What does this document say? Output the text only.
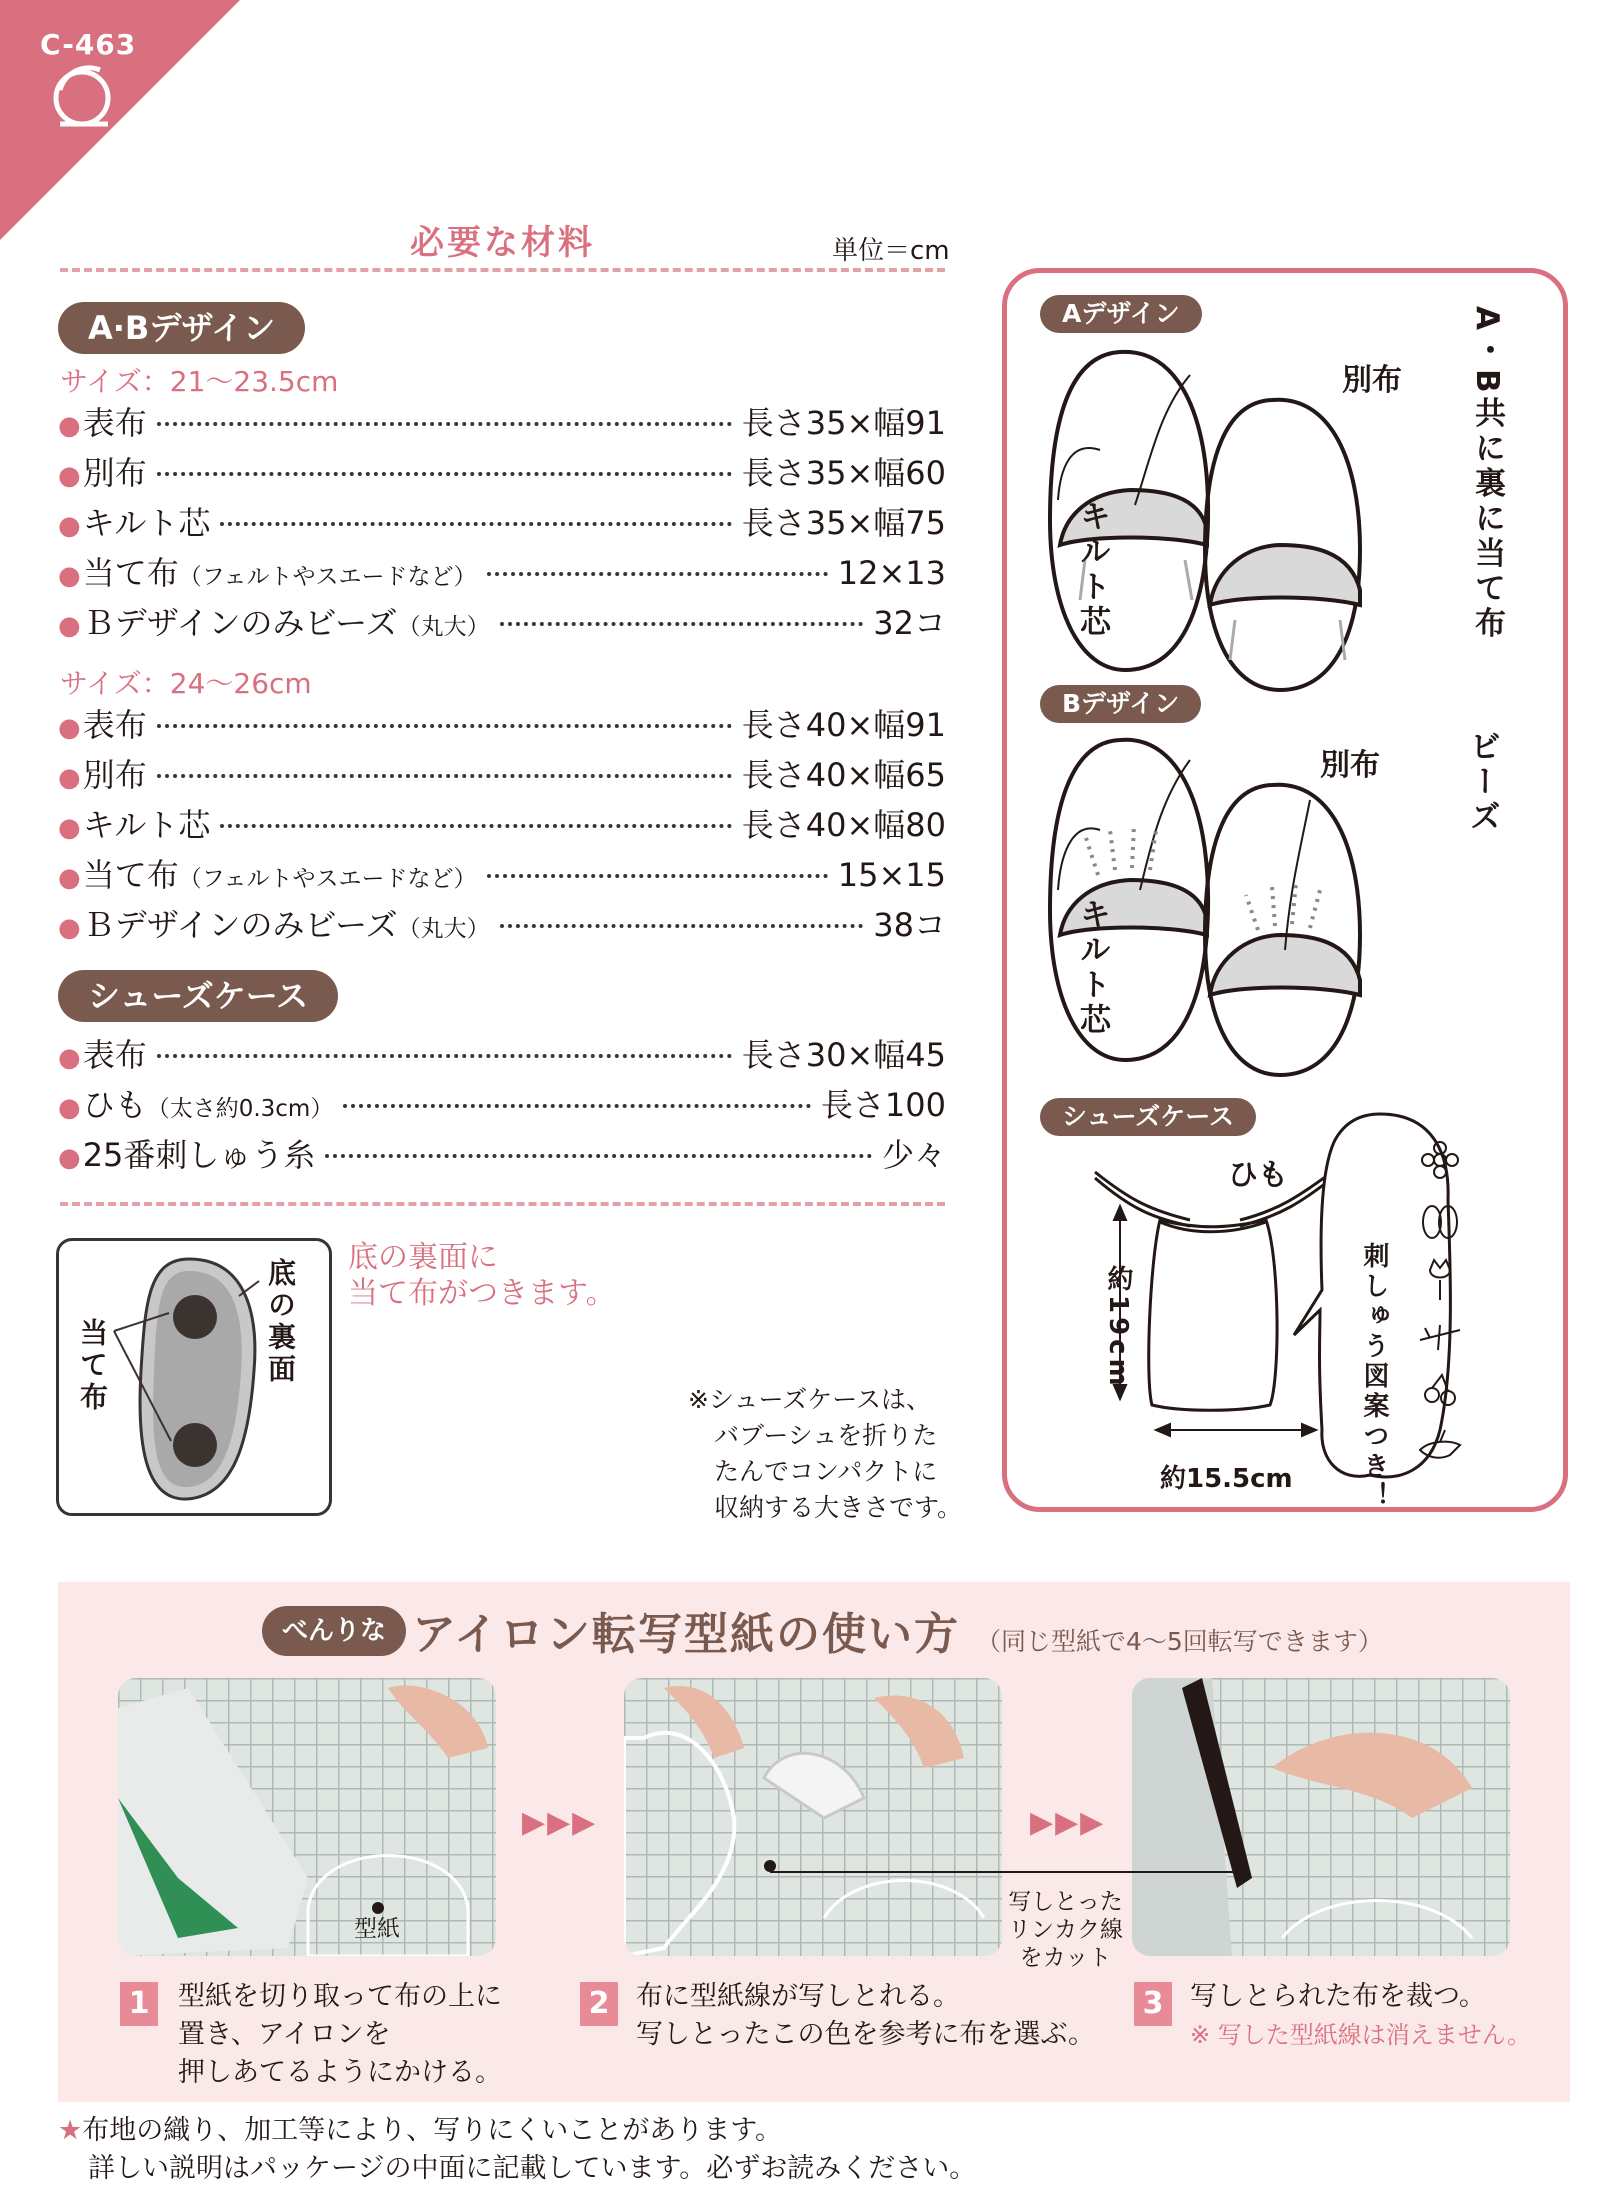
C-463
必要な材料	単位＝cm
A·Bデザイン
サイズ：21〜23.5cm
● 表布	長さ35×幅91
● 別布	長さ35×幅60
● キルト芯	長さ35×幅75
● 当て布 （フェルトやスエードなど）	12×13
● Ｂデザインのみビーズ （丸大）	32コ
サイズ：24〜26cm
● 表布	長さ40×幅91
● 別布	長さ40×幅65
● キルト芯	長さ40×幅80
● 当て布 （フェルトやスエードなど）	15×15
● Ｂデザインのみビーズ （丸大）	38コ
シューズケース
● 表布	長さ30×幅45
● ひも （太さ約0.3cm）	長さ100
● 25番刺しゅう糸	少々
底の裏面
当て布
底の裏面に
当て布がつきます。
※シューズケースは、
バブーシュを折りた
たんでコンパクトに
収納する大きさです。
Aデザイン
Bデザイン
シューズケース
別布
別布
キルト芯
キルト芯
A・B共に裏に当て布
ビーズ
ひも
約19cm
約15.5cm	刺しゅう図案つき！
べんりな アイロン転写型紙の使い方 （同じ型紙で4〜5回転写できます）
型紙
▶▶▶	▶▶▶
写しとった
リンカク線
をカット
1	型紙を切り取って布の上に
置き、アイロンを
押しあてるようにかける。
2 布に型紙線が写しとれる。
写しとったこの色を参考に布を選ぶ。
3 写しとられた布を裁つ。
※ 写した型紙線は消えません。
★布地の織り、加工等により、写りにくいことがあります。
詳しい説明はパッケージの中面に記載しています。必ずお読みください。
